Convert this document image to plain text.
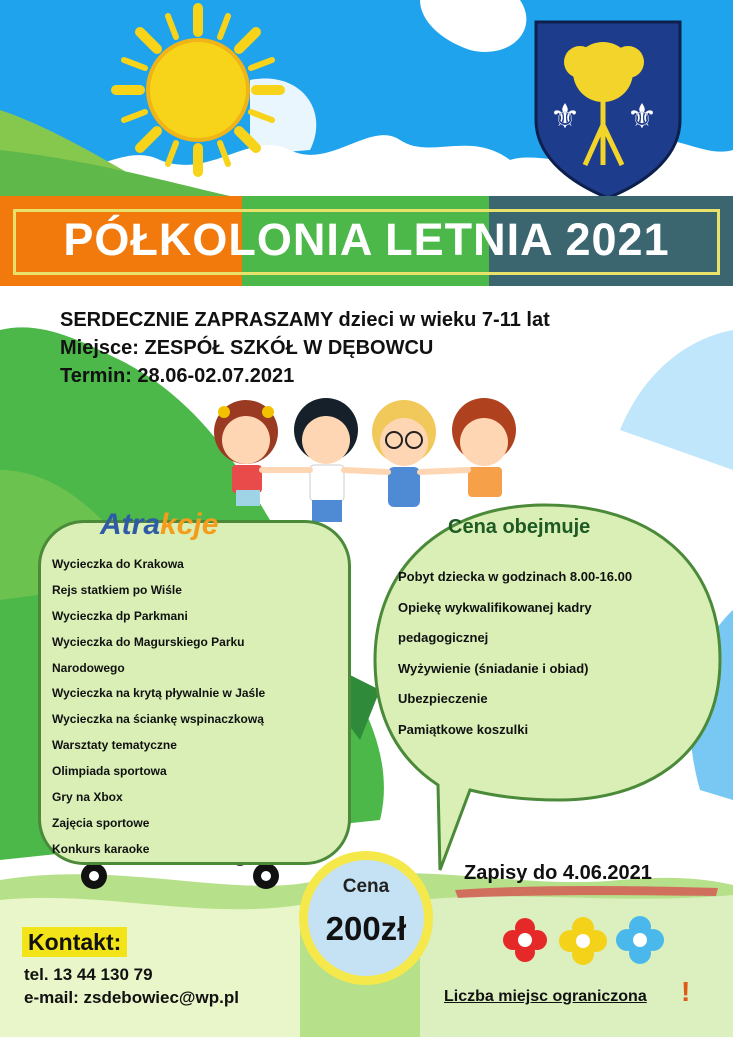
⚜ ⚜
PÓŁKOLONIA LETNIA 2021
SERDECZNIE ZAPRASZAMY dzieci w wieku 7-11 lat
Miejsce: ZESPÓŁ SZKÓŁ W DĘBOWCU
Termin: 28.06-02.07.2021
Atrakcje
Wycieczka do Krakowa
Rejs statkiem po Wiśle
Wycieczka dp Parkmani
Wycieczka do Magurskiego Parku
Narodowego
Wycieczka na krytą pływalnie w Jaśle
Wycieczka na ściankę wspinaczkową
Warsztaty tematyczne
Olimpiada sportowa
Gry na Xbox
Zajęcia sportowe
Konkurs karaoke
Cena obejmuje
Pobyt dziecka w godzinach 8.00-16.00
Opiekę wykwalifikowanej kadry
pedagogicznej
Wyżywienie (śniadanie i obiad)
Ubezpieczenie
Pamiątkowe koszulki
Cena
200zł
Zapisy do 4.06.2021
Kontakt:
tel. 13 44 130 79
e-mail: zsdebowiec@wp.pl	Liczba miejsc ograniczona !
